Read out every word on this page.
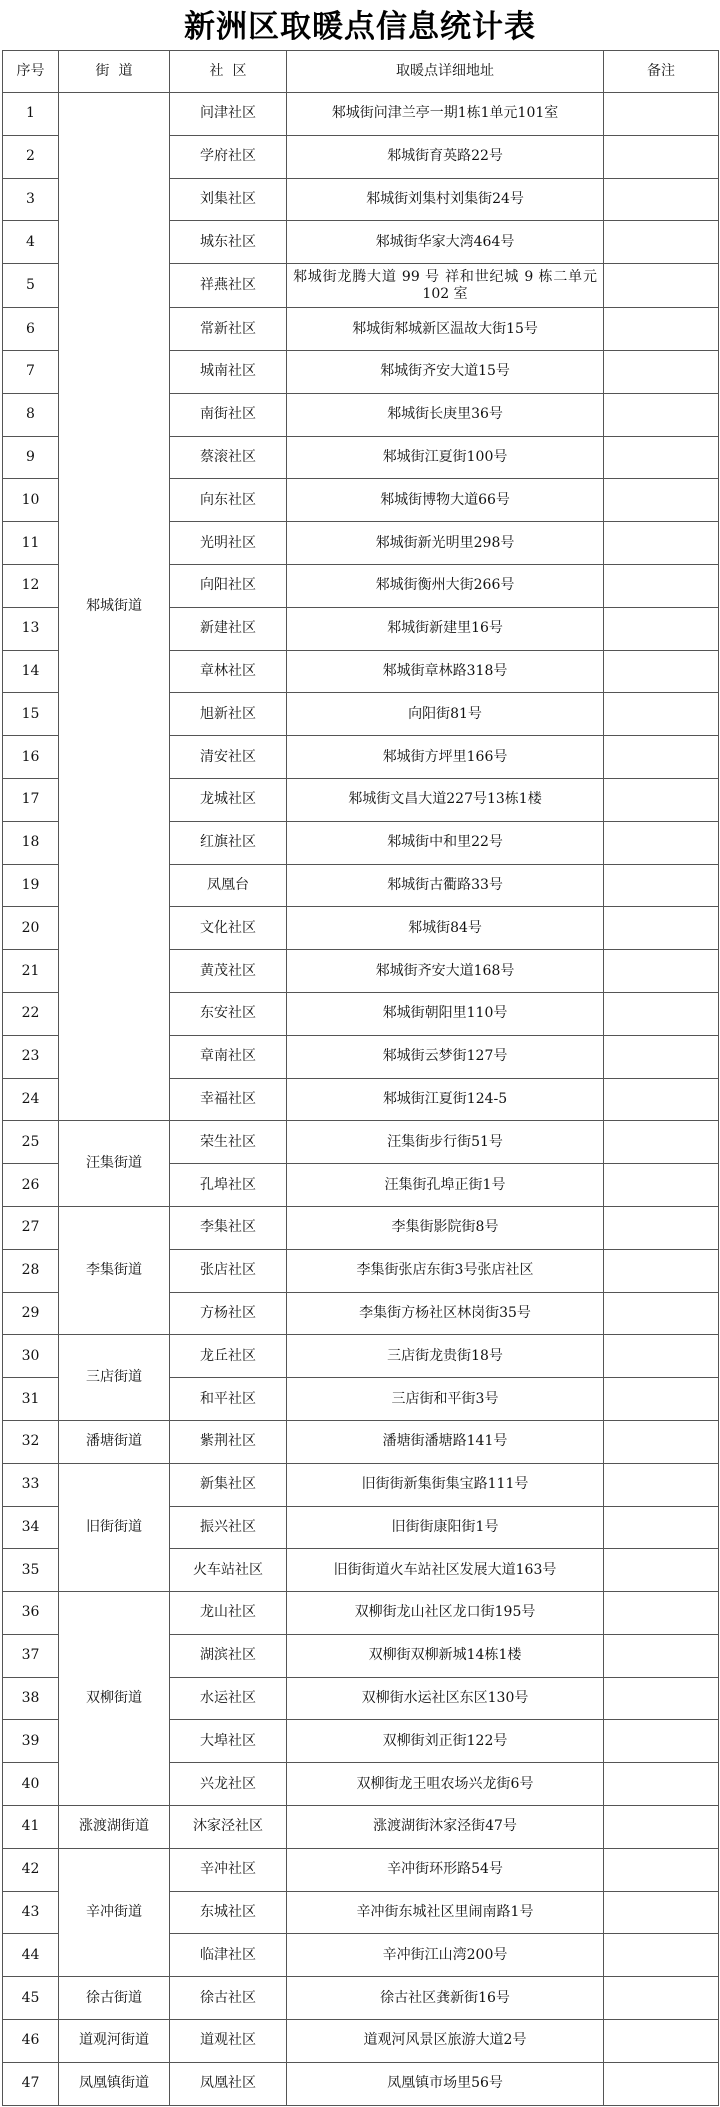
新洲区取暖点信息统计表
序号	街  道	社  区	取暖点详细地址	备注
1	邾城街道	问津社区	邾城街问津兰亭一期1栋1单元101室	
2		学府社区	邾城街育英路22号	
3		刘集社区	邾城街刘集村刘集街24号	
4		城东社区	邾城街华家大湾464号	
5		祥燕社区	邾城街龙腾大道 99 号 祥和世纪城 9 栋二单元 102 室	
6		常新社区	邾城街邾城新区温故大街15号	
7		城南社区	邾城街齐安大道15号	
8		南街社区	邾城街长庚里36号	
9		蔡滚社区	邾城街江夏街100号	
10		向东社区	邾城街博物大道66号	
11		光明社区	邾城街新光明里298号	
12		向阳社区	邾城街衡州大街266号	
13		新建社区	邾城街新建里16号	
14		章林社区	邾城街章林路318号	
15		旭新社区	向阳街81号	
16		清安社区	邾城街方坪里166号	
17		龙城社区	邾城街文昌大道227号13栋1楼	
18		红旗社区	邾城街中和里22号	
19		凤凰台	邾城街古衢路33号	
20		文化社区	邾城街84号	
21		黄茂社区	邾城街齐安大道168号	
22		东安社区	邾城街朝阳里110号	
23		章南社区	邾城街云梦街127号	
24		幸福社区	邾城街江夏街124-5	
25	汪集街道	荣生社区	汪集街步行街51号	
26		孔埠社区	汪集街孔埠正街1号	
27	李集街道	李集社区	李集街影院街8号	
28		张店社区	李集街张店东街3号张店社区	
29		方杨社区	李集街方杨社区林岗街35号	
30	三店街道	龙丘社区	三店街龙贵街18号	
31		和平社区	三店街和平街3号	
32	潘塘街道	紫荆社区	潘塘街潘塘路141号	
33	旧街街道	新集社区	旧街街新集街集宝路111号	
34		振兴社区	旧街街康阳街1号	
35		火车站社区	旧街街道火车站社区发展大道163号	
36	双柳街道	龙山社区	双柳街龙山社区龙口街195号	
37		湖滨社区	双柳街双柳新城14栋1楼	
38		水运社区	双柳街水运社区东区130号	
39		大埠社区	双柳街刘正街122号	
40		兴龙社区	双柳街龙王咀农场兴龙街6号	
41	涨渡湖街道	沐家泾社区	涨渡湖街沐家泾街47号	
42	辛冲街道	辛冲社区	辛冲街环形路54号	
43		东城社区	辛冲街东城社区里闹南路1号	
44		临津社区	辛冲街江山湾200号	
45	徐古街道	徐古社区	徐古社区龚新街16号	
46	道观河街道	道观社区	道观河风景区旅游大道2号	
47	凤凰镇街道	凤凰社区	凤凰镇市场里56号	
